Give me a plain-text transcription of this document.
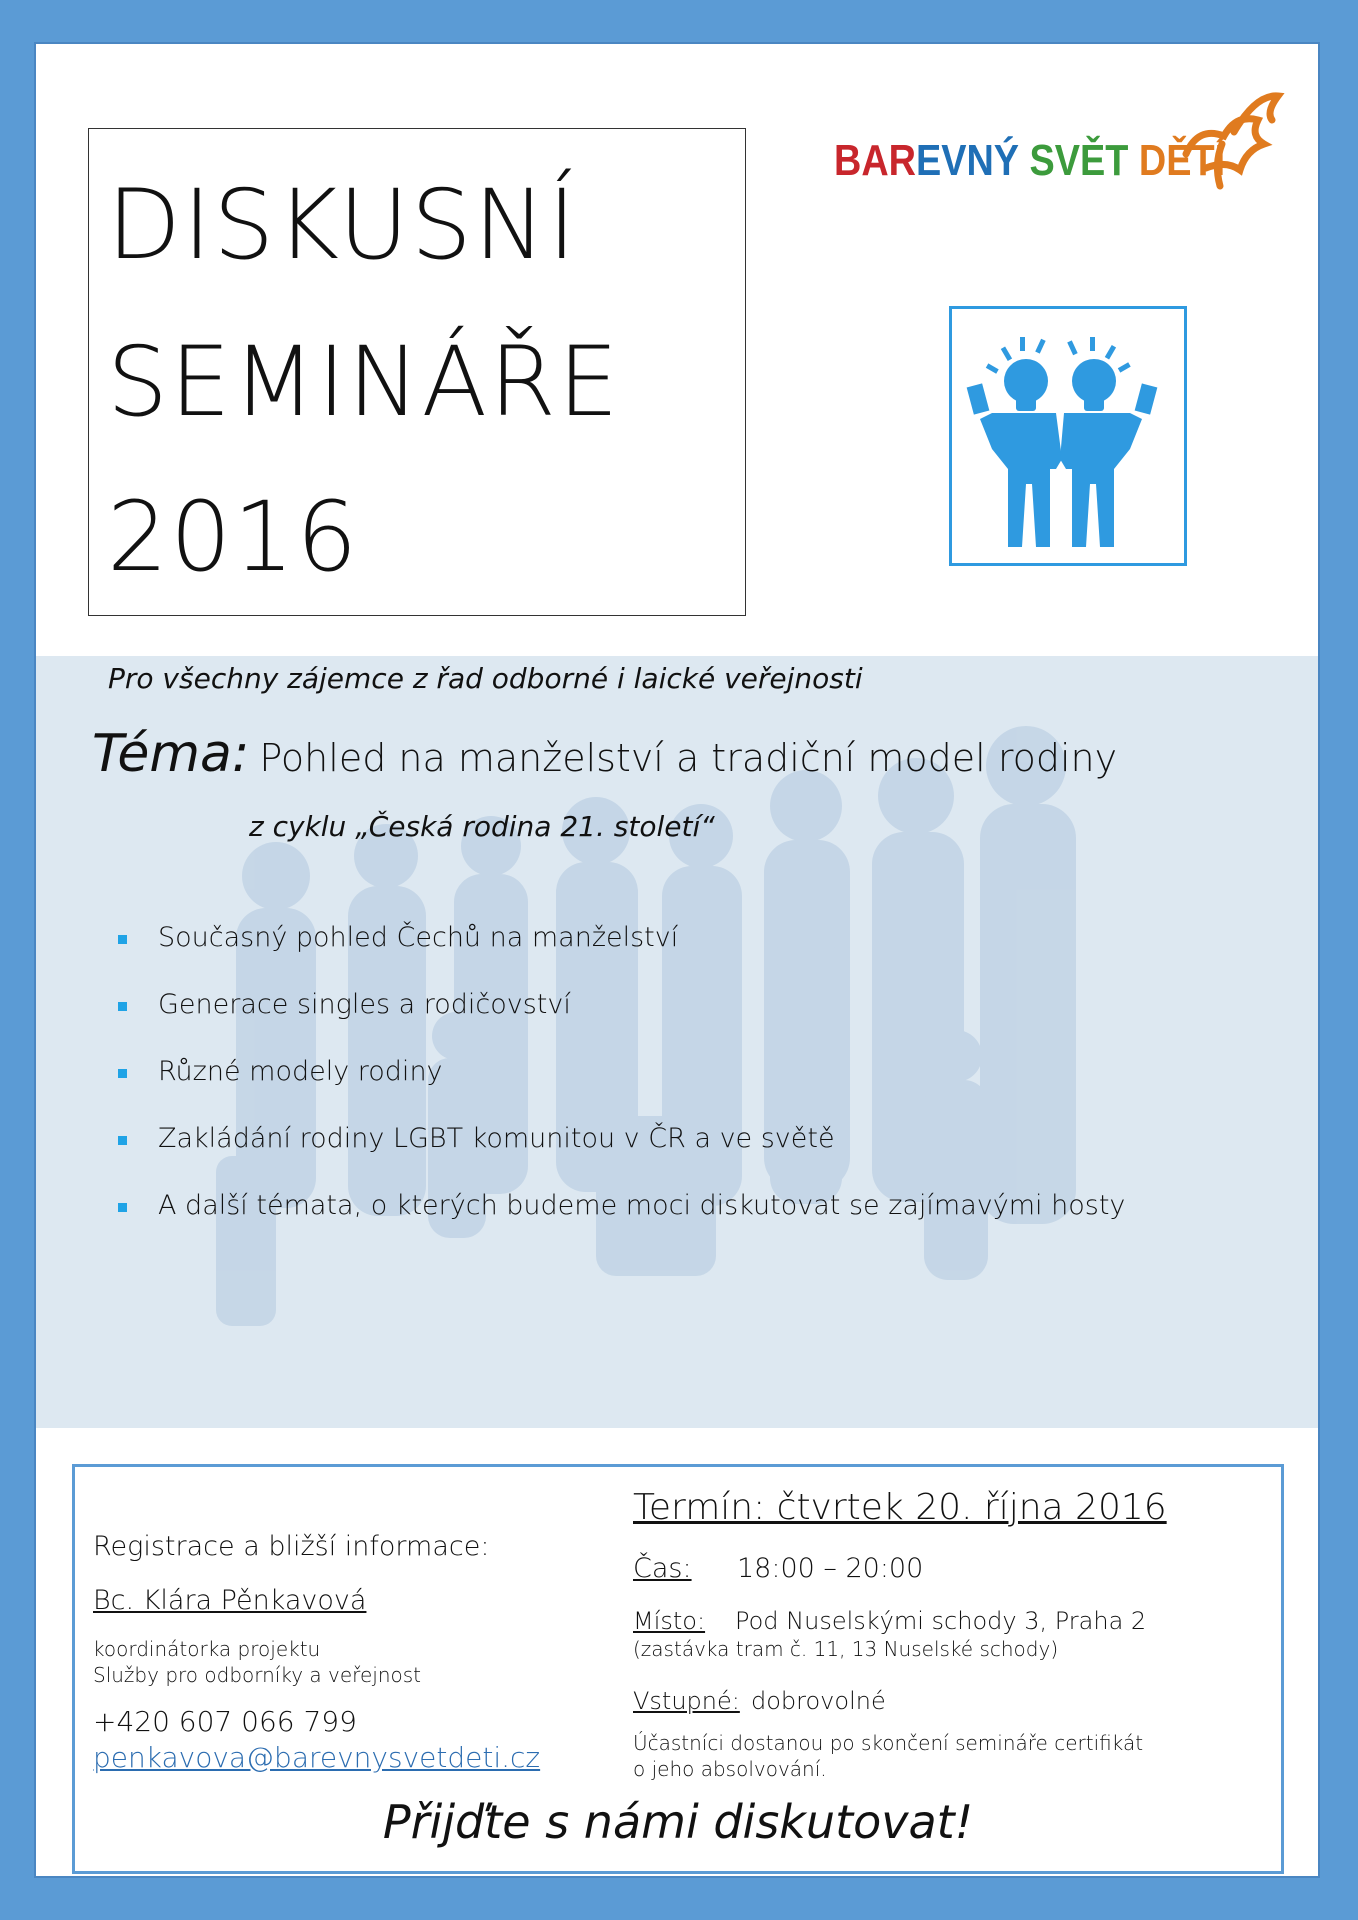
DISKUSNÍ
SEMINÁŘE
2016
BAREVNÝ SVĚT DĚTÍ
Pro všechny zájemce z řad odborné i laické veřejnosti
Téma: Pohled na manželství a tradiční model rodiny
z cyklu „Česká rodina 21. století“
Současný pohled Čechů na manželství
Generace singles a rodičovství
Různé modely rodiny
Zakládání rodiny LGBT komunitou v ČR a ve světě
A další témata, o kterých budeme moci diskutovat se zajímavými hosty
Registrace a bližší informace:
Bc. Klára Pěnkavová
koordinátorka projektu
Služby pro odborníky a veřejnost
+420 607 066 799
penkavova@barevnysvetdeti.cz
Termín: čtvrtek 20. října 2016
Čas: 18:00 – 20:00
Místo: Pod Nuselskými schody 3, Praha 2
(zastávka tram č. 11, 13 Nuselské schody)
Vstupné: dobrovolné
Účastníci dostanou po skončení semináře certifikát
o jeho absolvování.
Přijďte s námi diskutovat!
